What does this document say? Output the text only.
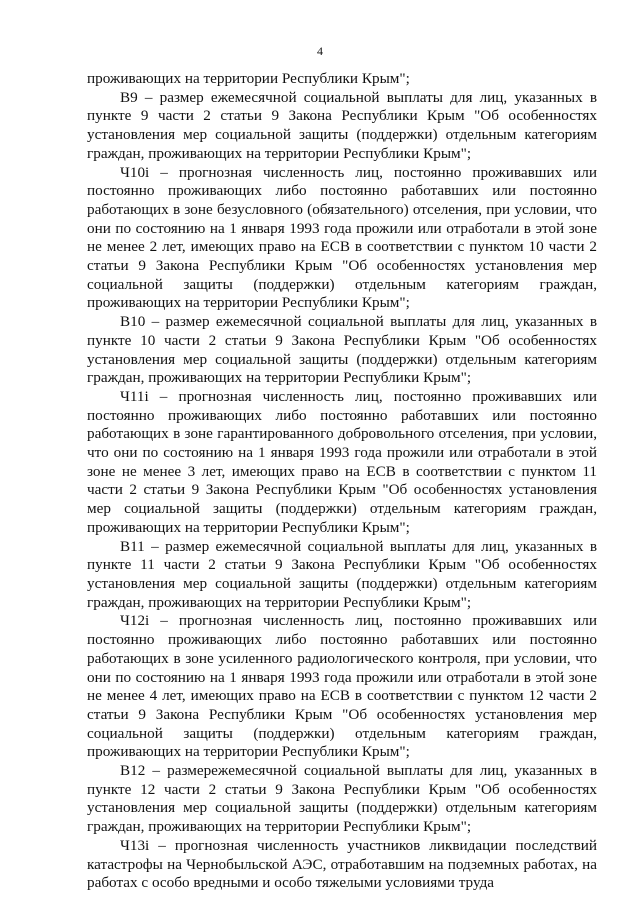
4

проживающих на территории Республики Крым";

В9 – размер ежемесячной социальной выплаты для лиц, указанных в пункте 9 части 2 статьи 9 Закона Республики Крым "Об особенностях установления мер социальной защиты (поддержки) отдельным категориям граждан, проживающих на территории Республики Крым";

Ч10i – прогнозная численность лиц, постоянно проживавших или постоянно проживающих либо постоянно работавших или постоянно работающих в зоне безусловного (обязательного) отселения, при условии, что они по состоянию на 1 января 1993 года прожили или отработали в этой зоне не менее 2 лет, имеющих право на ЕСВ в соответствии с пунктом 10 части 2 статьи 9 Закона Республики Крым "Об особенностях установления мер социальной защиты (поддержки) отдельным категориям граждан, проживающих на территории Республики Крым";

В10 – размер ежемесячной социальной выплаты для лиц, указанных в пункте 10 части 2 статьи 9 Закона Республики Крым "Об особенностях установления мер социальной защиты (поддержки) отдельным категориям граждан, проживающих на территории Республики Крым";

Ч11i – прогнозная численность лиц, постоянно проживавших или постоянно проживающих либо постоянно работавших или постоянно работающих в зоне гарантированного добровольного отселения, при условии, что они по состоянию на 1 января 1993 года прожили или отработали в этой зоне не менее 3 лет, имеющих право на ЕСВ в соответствии с пунктом 11 части 2 статьи 9 Закона Республики Крым "Об особенностях установления мер социальной защиты (поддержки) отдельным категориям граждан, проживающих на территории Республики Крым";

В11 – размер ежемесячной социальной выплаты для лиц, указанных в пункте 11 части 2 статьи 9 Закона Республики Крым "Об особенностях установления мер социальной защиты (поддержки) отдельным категориям граждан, проживающих на территории Республики Крым";

Ч12i – прогнозная численность лиц, постоянно проживавших или постоянно проживающих либо постоянно работавших или постоянно работающих в зоне усиленного радиологического контроля, при условии, что они по состоянию на 1 января 1993 года прожили или отработали в этой зоне не менее 4 лет, имеющих право на ЕСВ в соответствии с пунктом 12 части 2 статьи 9 Закона Республики Крым "Об особенностях установления мер социальной защиты (поддержки) отдельным категориям граждан, проживающих на территории Республики Крым";

В12 – размережемесячной социальной выплаты для лиц, указанных в пункте 12 части 2 статьи 9 Закона Республики Крым "Об особенностях установления мер социальной защиты (поддержки) отдельным категориям граждан, проживающих на территории Республики Крым";

Ч13i – прогнозная численность участников ликвидации последствий катастрофы на Чернобыльской АЭС, отработавшим на подземных работах, на работах с особо вредными и особо тяжелыми условиями труда
